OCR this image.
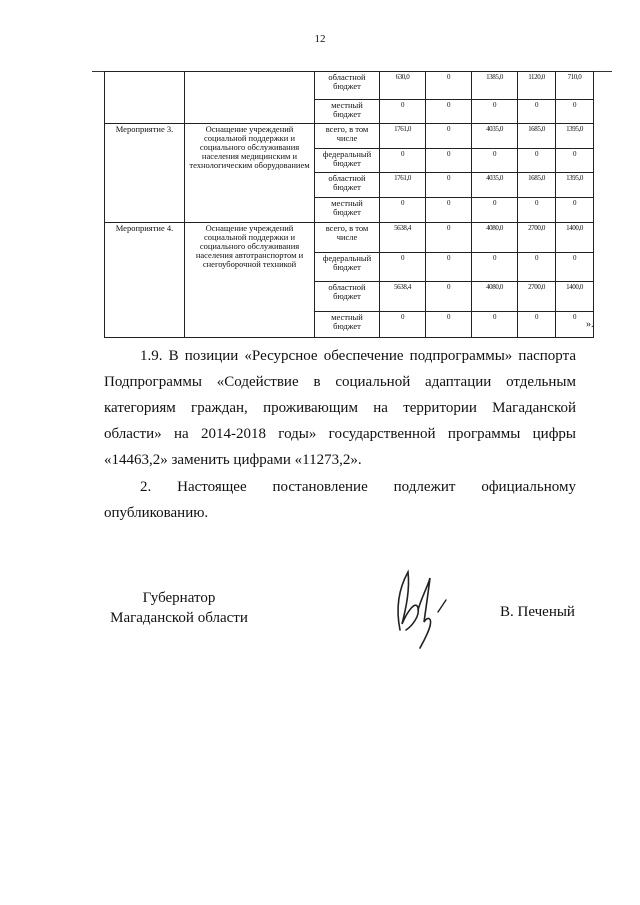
12
		областной бюджет	630,0	0	1385,0	1120,0	710,0
		местный бюджет	0	0	0	0	0
Мероприятие 3.	Оснащение учреждений социальной поддержки и социального обслуживания населения медицинским и технологическим оборудованием	всего, в том числе	1761,0	0	4035,0	1685,0	1395,0
		федеральный бюджет	0	0	0	0	0
		областной бюджет	1761,0	0	4035,0	1685,0	1395,0
		местный бюджет	0	0	0	0	0
Мероприятие 4.	Оснащение учреждений социальной поддержки и социального обслуживания населения автотранспортом и снегоуборочной техникой	всего, в том числе	5638,4	0	4080,0	2700,0	1400,0
		федеральный бюджет	0	0	0	0	0
		областной бюджет	5638,4	0	4080,0	2700,0	1400,0
		местный бюджет	0	0	0	0	0
».

1.9. В позиции «Ресурсное обеспечение подпрограммы» паспорта Подпрограммы «Содействие в социальной адаптации отдельным категориям граждан, проживающим на территории Магаданской области» на 2014-2018 годы» государственной программы цифры «14463,2» заменить цифрами «11273,2».

2. Настоящее постановление подлежит официальному опубликованию.

Губернатор
Магаданской области	В. Печеный
